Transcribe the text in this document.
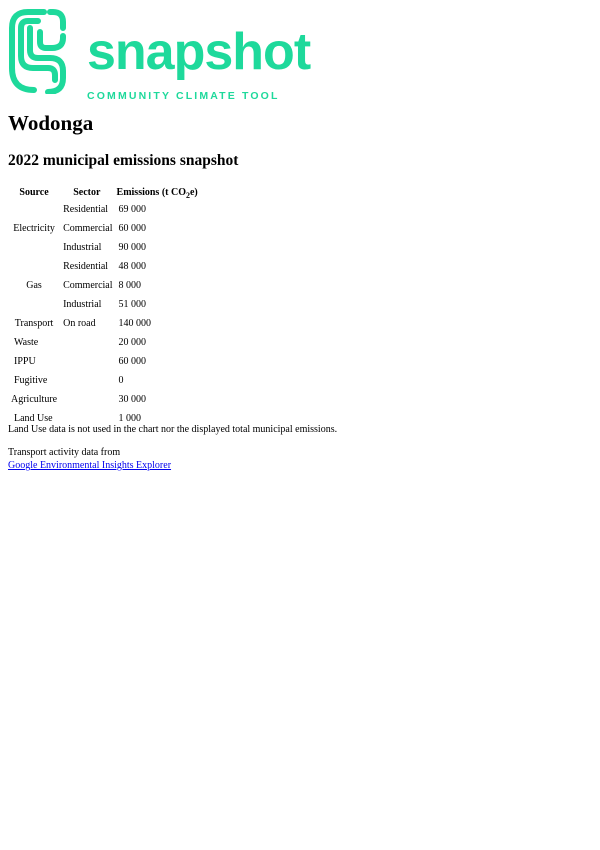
snapshot
COMMUNITY CLIMATE TOOL
Wodonga
2022 municipal emissions snapshot
Source	Sector	Emissions (t $CO_2e$)
Electricity	Residential	69 000
	Commercial	60 000
	Industrial	90 000
Gas	Residential	48 000
	Commercial	8 000
	Industrial	51 000
Transport	On road	140 000
Waste		20 000
IPPU		60 000
Fugitive		0
Agriculture		30 000
Land Use		1 000

Land Use data is not used in the chart nor the displayed total municipal emissions.

Transport activity data from
Google Environmental Insights Explorer
